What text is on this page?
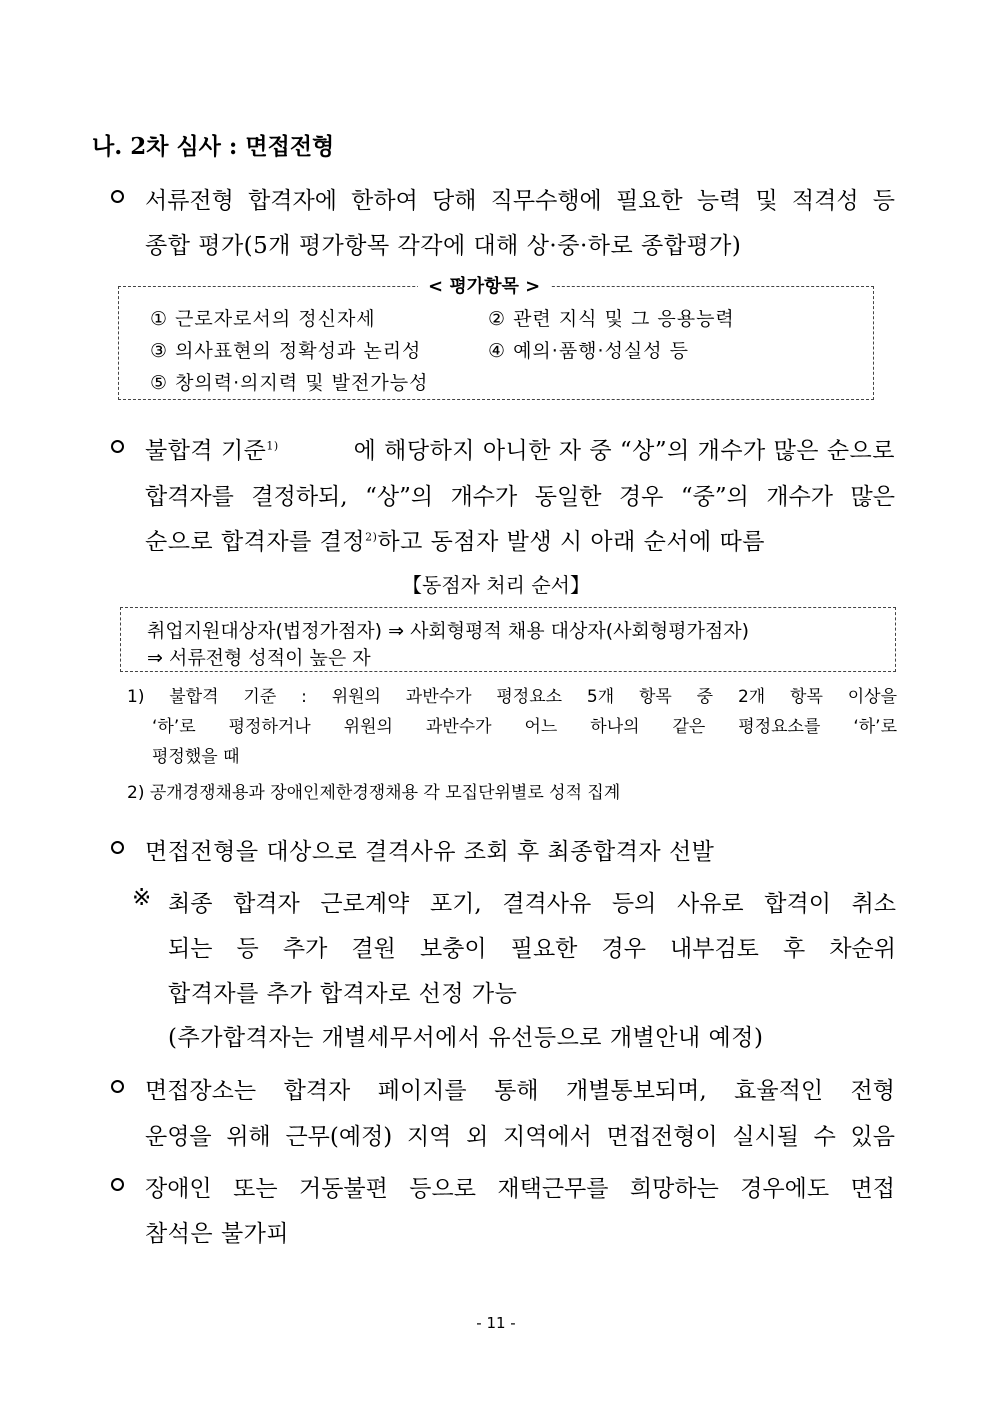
나. 2차 심사 : 면접전형
서류전형 합격자에 한하여 당해 직무수행에 필요한 능력 및 적격성 등
종합 평가(5개 평가항목 각각에 대해 상·중·하로 종합평가)
< 평가항목 >
① 근로자로서의 정신자세	② 관련 지식 및 그 응용능력
③ 의사표현의 정확성과 논리성	④ 예의·품행·성실성 등
⑤ 창의력·의지력 및 발전가능성
불합격 기준$^{1)}$	에 해당하지 아니한 자 중 “상”의 개수가 많은 순으로
합격자를 결정하되, “상”의 개수가 동일한 경우 “중”의 개수가 많은
순으로 합격자를 결정$^{2)}$하고 동점자 발생 시 아래 순서에 따름
【동점자 처리 순서】
취업지원대상자(법정가점자) ⇒ 사회형평적 채용 대상자(사회형평가점자)
⇒ 서류전형 성적이 높은 자
1) 불합격 기준 : 위원의 과반수가 평정요소 5개 항목 중 2개 항목 이상을
‘하’로 평정하거나 위원의 과반수가 어느 하나의 같은 평정요소를 ‘하’로
평정했을 때
2) 공개경쟁채용과 장애인제한경쟁채용 각 모집단위별로 성적 집계
면접전형을 대상으로 결격사유 조회 후 최종합격자 선발
※ 최종 합격자 근로계약 포기, 결격사유 등의 사유로 합격이 취소
되는 등 추가 결원 보충이 필요한 경우 내부검토 후 차순위
합격자를 추가 합격자로 선정 가능
(추가합격자는 개별세무서에서 유선등으로 개별안내 예정)
면접장소는 합격자 페이지를 통해 개별통보되며, 효율적인 전형
운영을 위해 근무(예정) 지역 외 지역에서 면접전형이 실시될 수 있음
장애인 또는 거동불편 등으로 재택근무를 희망하는 경우에도 면접
참석은 불가피
- 11 -
